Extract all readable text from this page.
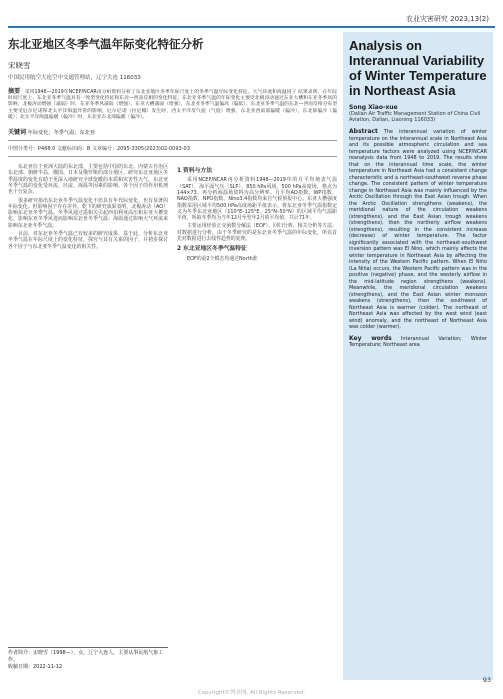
农业灾害研究 2023,13(2)
东北亚地区冬季气温年际变化特征分析
宋晓雪
中国民用航空大连空中交通管理站，辽宁大连 116033
摘要 采用1948—2019年NCEP/NCAR再分析资料分析了东北亚地区冬季年际尺度上的冬季气温年际变化特征。大气环流和海温因子 结果表明，在年际时间尺度上，东北亚冬季气温具有一致型变化特征和东北—西南反相的变化特征。东北亚冬季气温的年际变化主要受北极涛动通过东亚大槽和东亚冬季风的影响，北极涛动增强（减弱）时，东亚冬季风减弱（增强），东亚大槽减弱（增强），东北亚冬季气温偏高（偏低）；东北亚冬季气温的东北—西南反相分布型主要受厄尔尼诺和北太平洋海温异常的影响，厄尔尼诺（拉尼娜）发生时，西太平洋反气旋（气旋）增强，东北亚西南部偏暖（偏冷），东北部偏冷（偏暖）；北太平洋海温偏暖（偏冷）时，东北亚东北部偏暖（偏冷）。
关键词 年际变化；冬季气温；东北亚
中图分类号：P468.0 文献标识码：B 文章编号：2095-3305(2023)02-0093-03

东北亚位于亚洲大陆的东北部，主要包括中国的东北、内蒙古自治区东北部、朝鲜半岛、俄国、日本及俄罗斯的部分地区。研究东北亚地区冬季温度的变化有助于更深入地研究全球变暖的本质和灾害性天气。东北亚冬季气温的变化受环流、径流、海温等因素的影响。各个因子的作用机理也十分复杂。

很多研究指出东北亚冬季气温变化不但具有年代际变化，也有显著的年际变化。但影响因子存在差异。乾下的研究成果表明，北极涛动（AO）影响东北亚冬季气温。冬季风通过遥相关引起西伯利亚高压和东亚大槽变化，影响东亚冬季风进而影响东北亚冬季气温；海温通过影响大气环流来影响东北亚冬季气温。

目前，对东北亚冬季气温已有较多的研究成果，基于此，分析东北亚冬季气温在年际尺度上的变化特征，探究与其有关系的因子，并初步探讨各个因子与东北亚冬季气温变化的相关性。

1 资料与方法

采用NCEP/NCAR再分析资料1948—2019年的月平均地表气温（SAT）、海平面气压（SLP）、850 hPa风场、500 hPa高度场，格点为144×73，再分析海温场资料为高分辨率。月平均AO指数、WP指数、NAO指数、NPO指数、Nino3.4指数均来自气候预报中心。东亚大槽强度指数采用区域平均500 hPa高度场距平值表示。将东北亚冬季气温指数定义为冬季东北亚地区（110°E–125°E，25°N–50°N）的区域平均气温距平值，所取冬季均为当年12月至翌年2月的平均值，共计71年。

主要运用经验正交函数分解法（EOF）、回归分析、相关分析等方法，对数据进行分析。由于冬季研究的是东北亚冬季气温的年际变化，所以首先对数据进行去线性趋势的处理。

2 东北亚地区冬季气温特征

EOF的前2个模态均通过North准

作者简介：宋晓雪（1998—），女，辽宁大连人，主要从事民航气象工作。
收稿日期：2022-11-12
Analysis on Interannual Variability of Winter Temperature in Northeast Asia
Song Xiao-xue
(Dalian Air Traffic Management Station of China Civil Aviation, Dalian, Liaoning 116033)
Abstract The interannual variation of winter temperature on the interannual scale in Northeast Asia and its possible atmospheric circulation and sea temperature factors were analyzed using NCEP/NCAR reanalysis data from 1948 to 2019. The results show that on the interannual time scale, the winter temperature in Northeast Asia had a consistent change characteristic and a northeast-southwest reverse phase change. The consistent pattern of winter temperature change in Northeast Asia was mainly influenced by the Arctic Oscillation through the East Asian trough. When the Arctic Oscillation strengthens (weakens), the meridional nature of the circulation weakens (strengthens), and the East Asian trough weakens (strengthens), then the northerly airflow weakens (strengthens), resulting in the consistent increase (decrease) of winter temperature. The factor significantly associated with the northeast-southwest inversion pattern was El Nino, which mainly affects the winter temperature in Northeast Asia by affecting the intensity of the Western Pacific pattern. When El Niño (La Niña) occurs, the Western Pacific pattern was in the positive (negative) phase, and the westerly airflow in the mid-latitude region strengthens (weakens). Meanwhile, the meridional circulation weakens (strengthens), and the East Asian winter monsoon weakens (strengthens), then the southwest of Northeast Asia is warmer (colder). The northeast of Northeast Asia was affected by the west wind (east wind) anomaly, and the northeast of Northeast Asia was colder (warmer).
Key words Interannual Variation; Winter Temperature; Northeast area
93
Copyright©博看网. All Rights Reserved.
